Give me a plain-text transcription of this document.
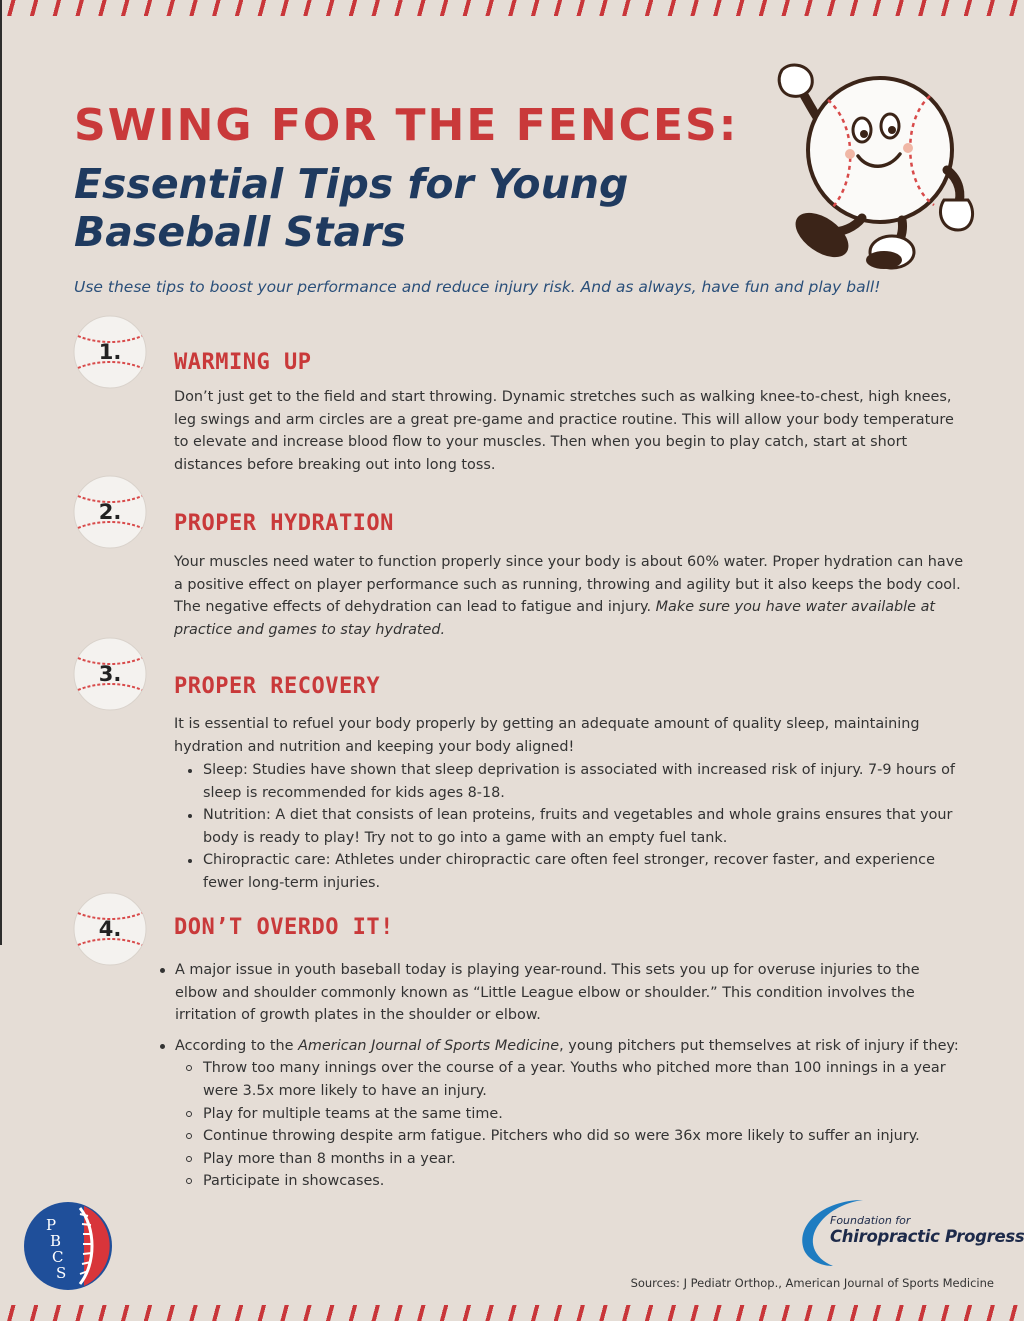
SWING FOR THE FENCES:
Essential Tips for Young Baseball Stars

Use these tips to boost your performance and reduce injury risk. And as always, have fun and play ball!

1.	WARMING UP

Don’t just get to the field and start throwing. Dynamic stretches such as walking knee-to-chest, high knees, leg swings and arm circles are a great pre-game and practice routine. This will allow your body temperature to elevate and increase blood flow to your muscles. Then when you begin to play catch, start at short distances before breaking out into long toss.

2.	PROPER HYDRATION

Your muscles need water to function properly since your body is about 60% water. Proper hydration can have a positive effect on player performance such as running, throwing and agility but it also keeps the body cool. The negative effects of dehydration can lead to fatigue and injury. Make sure you have water available at practice and games to stay hydrated.

3.	PROPER RECOVERY

It is essential to refuel your body properly by getting an adequate amount of quality sleep, maintaining hydration and nutrition and keeping your body aligned!

Sleep: Studies have shown that sleep deprivation is associated with increased risk of injury. 7-9 hours of sleep is recommended for kids ages 8-18.
Nutrition: A diet that consists of lean proteins, fruits and vegetables and whole grains ensures that your body is ready to play! Try not to go into a game with an empty fuel tank.
Chiropractic care: Athletes under chiropractic care often feel stronger, recover faster, and experience fewer long-term injuries.
4.	DON’T OVERDO IT!
A major issue in youth baseball today is playing year-round. This sets you up for overuse injuries to the elbow and shoulder commonly known as “Little League elbow or shoulder.” This condition involves the irritation of growth plates in the shoulder or elbow.
According to the American Journal of Sports Medicine, young pitchers put themselves at risk of injury if they:
Throw too many innings over the course of a year. Youths who pitched more than 100 innings in a year were 3.5x more likely to have an injury.
Play for multiple teams at the same time.
Continue throwing despite arm fatigue. Pitchers who did so were 36x more likely to suffer an injury.
Play more than 8 months in a year.
Participate in showcases.
P
B
C
S
Foundation for
Chiropractic Progress

Sources: J Pediatr Orthop., American Journal of Sports Medicine
